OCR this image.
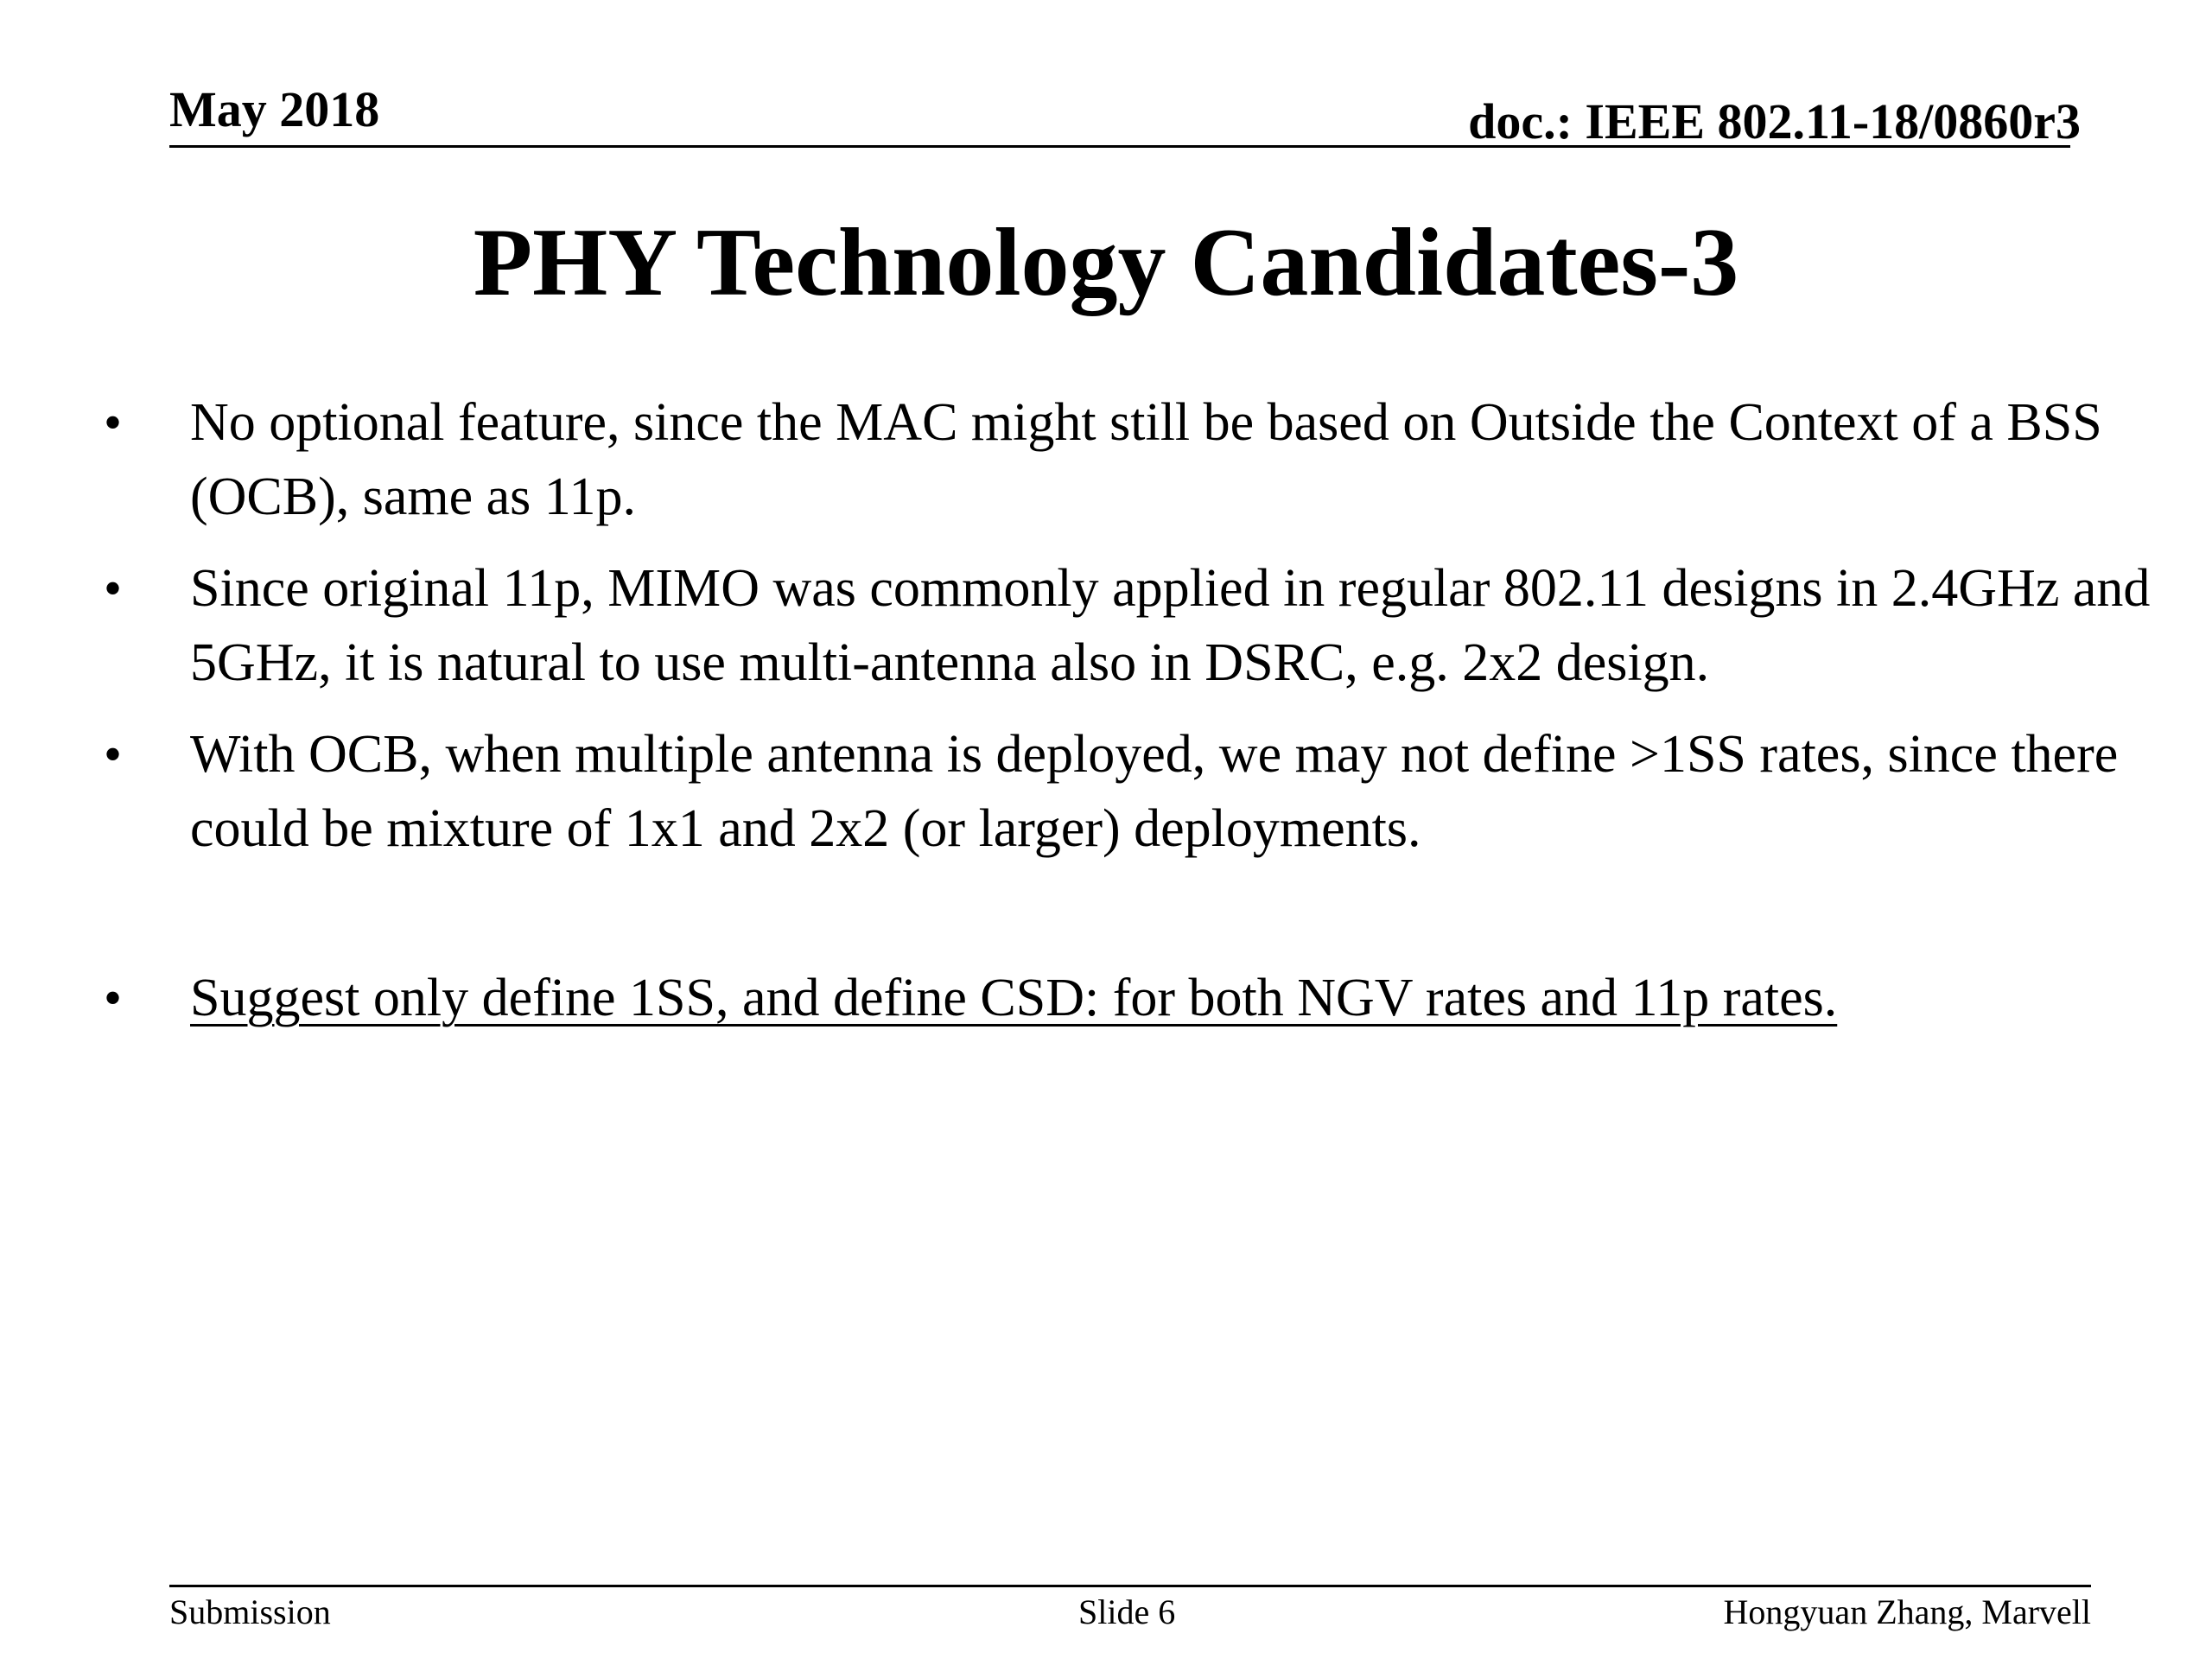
May 2018	doc.: IEEE 802.11-18/0860r3
PHY Technology Candidates-3
•	No optional feature, since the MAC might still be based on Outside the Context of a BSS (OCB), same as 11p.
•	Since original 11p, MIMO was commonly applied in regular 802.11 designs in 2.4GHz and 5GHz, it is natural to use multi-antenna also in DSRC, e.g. 2x2 design.
•	With OCB, when multiple antenna is deployed, we may not define >1SS rates, since there could be mixture of 1x1 and 2x2 (or larger) deployments.
•	Suggest only define 1SS, and define CSD: for both NGV rates and 11p rates.
Submission	Slide 6	Hongyuan Zhang, Marvell
